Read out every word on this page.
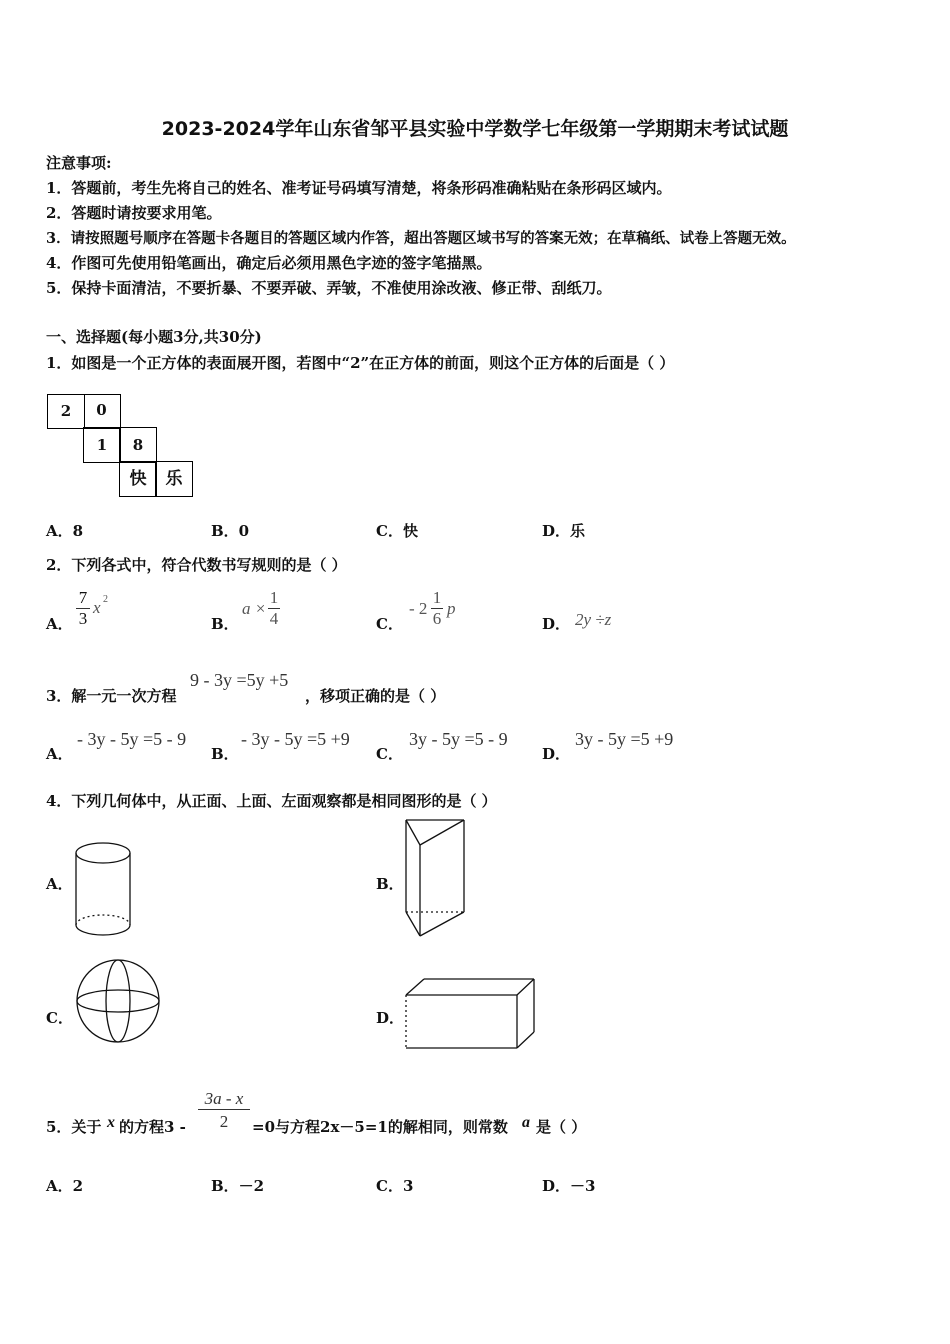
2023-2024学年山东省邹平县实验中学数学七年级第一学期期末考试试题
注意事项:
1．答题前，考生先将自己的姓名、准考证号码填写清楚，将条形码准确粘贴在条形码区域内。
2．答题时请按要求用笔。
3．请按照题号顺序在答题卡各题目的答题区域内作答，超出答题区域书写的答案无效；在草稿纸、试卷上答题无效。
4．作图可先使用铅笔画出，确定后必须用黑色字迹的签字笔描黑。
5．保持卡面清洁，不要折暴、不要弄破、弄皱，不准使用涂改液、修正带、刮纸刀。
一、选择题(每小题3分,共30分)
1．如图是一个正方体的表面展开图，若图中“2”在正方体的前面，则这个正方体的后面是（ ）
2	0
1	8
快	乐
A．8	B．0	C．快	D．乐
2．下列各式中，符合代数书写规则的是（ ）
A． $\frac{7}{3}$ x 2
B．
$a \times \frac{1}{4}$	C．
- $2 \frac{1}{6}$ p
D． 2y ÷z
3．解一元一次方程
9 - 3y =5y +5
，移项正确的是（ ）
A．
- 3y - 5y =5 - 9
B．
- 3y - 5y =5 +9
C．
3y - 5y =5 - 9
D．
3y - 5y =5 +9
4．下列几何体中，从正面、上面、左面观察都是相同图形的是（ ）
A．	B．
C．	D．
5．关于 x 的方程$3 - \frac{3a - x}{2} =0$与方程2x－5=1的解相同，则常数 a 是（ ）
A．2	B．－2	C．3	D．－3
